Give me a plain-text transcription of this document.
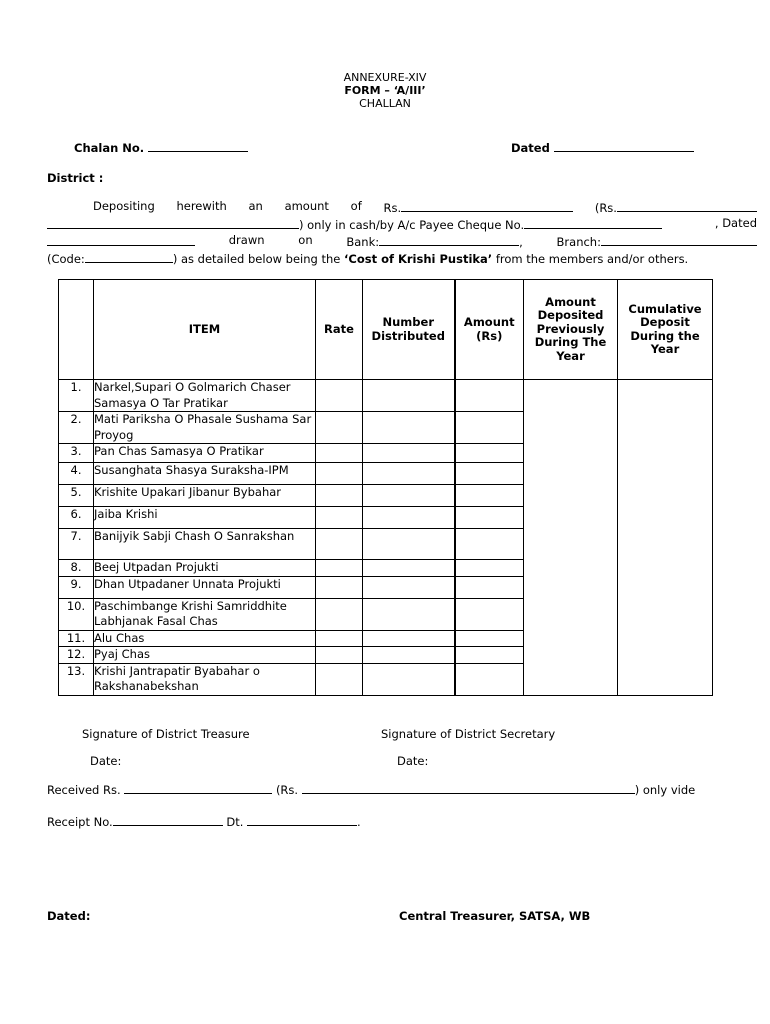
ANNEXURE-XIV
FORM – ‘A/III’
CHALLAN
Chalan No.	Dated
District :
Depositing herewith an amount of Rs.	(Rs.
) only in cash/by A/c Payee Cheque No.	, Dated
drawn	on	Bank:	,	Branch:
(Code:	) as detailed below being the ‘Cost of Krishi Pustika’ from the members and/or others.
	ITEM	Rate	Number Distributed	Amount (Rs)	Amount Deposited Previously During The Year	Cumulative Deposit During the Year
1.	Narkel,Supari O Golmarich Chaser Samasya O Tar Pratikar					
2.	Mati Pariksha O Phasale Sushama Sar Proyog					
3.	Pan Chas Samasya O Pratikar					
4.	Susanghata Shasya Suraksha-IPM					
5.	Krishite Upakari Jibanur Bybahar					
6.	Jaiba Krishi					
7.	Banijyik Sabji Chash O Sanrakshan					
8.	Beej Utpadan Projukti					
9.	Dhan Utpadaner Unnata Projukti					
10.	Paschimbange Krishi Samriddhite Labhjanak Fasal Chas					
11.	Alu Chas					
12.	Pyaj Chas					
13.	Krishi Jantrapatir Byabahar o Rakshanabekshan					
Signature of District Treasure	Signature of District Secretary
Date:	Date:
Received Rs.	(Rs.	) only vide
Receipt No.	Dt.	.
Dated:	Central Treasurer, SATSA, WB
